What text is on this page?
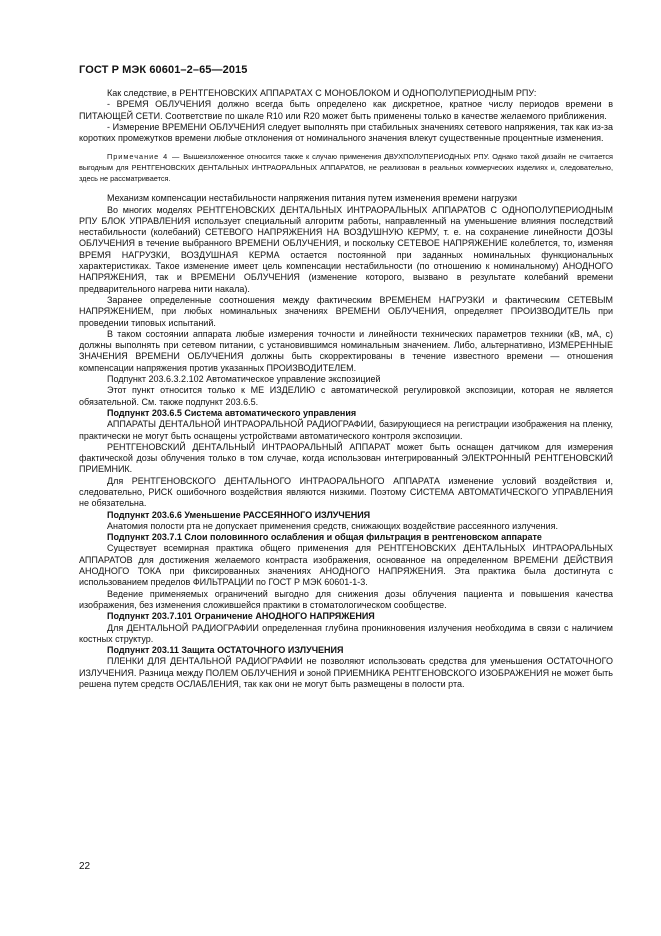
ГОСТ Р МЭК 60601–2–65—2015

Как следствие, в РЕНТГЕНОВСКИХ АППАРАТАХ С МОНОБЛОКОМ И ОДНОПОЛУПЕРИОДНЫМ РПУ:

- ВРЕМЯ ОБЛУЧЕНИЯ должно всегда быть определено как дискретное, кратное числу периодов времени в ПИТАЮЩЕЙ СЕТИ. Соответствие по шкале R10 или R20 может быть применены только в качестве желаемого приближения.

- Измерение ВРЕМЕНИ ОБЛУЧЕНИЯ следует выполнять при стабильных значениях сетевого напряжения, так как из-за коротких промежутков времени любые отклонения от номинального значения влекут существенные процентные изменения.

Примечание 4 — Вышеизложенное относится также к случаю применения ДВУХПОЛУПЕРИОДНЫХ РПУ. Однако такой дизайн не считается выгодным для РЕНТГЕНОВСКИХ ДЕНТАЛЬНЫХ ИНТРАОРАЛЬНЫХ АППАРАТОВ, не реализован в реальных коммерческих изделиях и, следовательно, здесь не рассматривается.

Механизм компенсации нестабильности напряжения питания путем изменения времени нагрузки

Во многих моделях РЕНТГЕНОВСКИХ ДЕНТАЛЬНЫХ ИНТРАОРАЛЬНЫХ АППАРАТОВ С ОДНОПОЛУПЕРИОДНЫМ РПУ БЛОК УПРАВЛЕНИЯ использует специальный алгоритм работы, направленный на уменьшение влияния последствий нестабильности (колебаний) СЕТЕВОГО НАПРЯЖЕНИЯ НА ВОЗДУШНУЮ КЕРМУ, т. е. на сохранение линейности ДОЗЫ ОБЛУЧЕНИЯ в течение выбранного ВРЕМЕНИ ОБЛУЧЕНИЯ, и поскольку СЕТЕВОЕ НАПРЯЖЕНИЕ колеблется, то, изменяя ВРЕМЯ НАГРУЗКИ, ВОЗДУШНАЯ КЕРМА остается постоянной при заданных номинальных функциональных характеристиках. Такое изменение имеет цель компенсации нестабильности (по отношению к номинальному) АНОДНОГО НАПРЯЖЕНИЯ, так и ВРЕМЕНИ ОБЛУЧЕНИЯ (изменение которого, вызвано в результате колебаний времени предварительного нагрева нити накала).

Заранее определенные соотношения между фактическим ВРЕМЕНЕМ НАГРУЗКИ и фактическим СЕТЕВЫМ НАПРЯЖЕНИЕМ, при любых номинальных значениях ВРЕМЕНИ ОБЛУЧЕНИЯ, определяет ПРОИЗВОДИТЕЛЬ при проведении типовых испытаний.

В таком состоянии аппарата любые измерения точности и линейности технических параметров техники (кВ, мА, с) должны выполнять при сетевом питании, с установившимся номинальным значением. Либо, альтернативно, ИЗМЕРЕННЫЕ ЗНАЧЕНИЯ ВРЕМЕНИ ОБЛУЧЕНИЯ должны быть скорректированы в течение известного времени — отношения компенсации напряжения против указанных ПРОИЗВОДИТЕЛЕМ.

Подпункт 203.6.3.2.102 Автоматическое управление экспозицией

Этот пункт относится только к МЕ ИЗДЕЛИЮ с автоматической регулировкой экспозиции, которая не является обязательной. См. также подпункт 203.6.5.

Подпункт 203.6.5 Система автоматического управления

АППАРАТЫ ДЕНТАЛЬНОЙ ИНТРАОРАЛЬНОЙ РАДИОГРАФИИ, базирующиеся на регистрации изображения на пленку, практически не могут быть оснащены устройствами автоматического контроля экспозиции.

РЕНТГЕНОВСКИЙ ДЕНТАЛЬНЫЙ ИНТРАОРАЛЬНЫЙ АППАРАТ может быть оснащен датчиком для измерения фактической дозы облучения только в том случае, когда использован интегрированный ЭЛЕКТРОННЫЙ РЕНТГЕНОВСКИЙ ПРИЕМНИК.

Для РЕНТГЕНОВСКОГО ДЕНТАЛЬНОГО ИНТРАОРАЛЬНОГО АППАРАТА изменение условий воздействия и, следовательно, РИСК ошибочного воздействия являются низкими. Поэтому СИСТЕМА АВТОМАТИЧЕСКОГО УПРАВЛЕНИЯ не обязательна.

Подпункт 203.6.6 Уменьшение РАССЕЯННОГО ИЗЛУЧЕНИЯ

Анатомия полости рта не допускает применения средств, снижающих воздействие рассеянного излучения.

Подпункт 203.7.1 Слои половинного ослабления и общая фильтрация в рентгеновском аппарате

Существует всемирная практика общего применения для РЕНТГЕНОВСКИХ ДЕНТАЛЬНЫХ ИНТРАОРАЛЬНЫХ АППАРАТОВ для достижения желаемого контраста изображения, основанное на определенном ВРЕМЕНИ ДЕЙСТВИЯ АНОДНОГО ТОКА при фиксированных значениях АНОДНОГО НАПРЯЖЕНИЯ. Эта практика была достигнута с использованием пределов ФИЛЬТРАЦИИ по ГОСТ Р МЭК 60601-1-3.

Ведение применяемых ограничений выгодно для снижения дозы облучения пациента и повышения качества изображения, без изменения сложившейся практики в стоматологическом сообществе.

Подпункт 203.7.101 Ограничение АНОДНОГО НАПРЯЖЕНИЯ

Для ДЕНТАЛЬНОЙ РАДИОГРАФИИ определенная глубина проникновения излучения необходима в связи с наличием костных структур.

Подпункт 203.11 Защита ОСТАТОЧНОГО ИЗЛУЧЕНИЯ

ПЛЕНКИ ДЛЯ ДЕНТАЛЬНОЙ РАДИОГРАФИИ не позволяют использовать средства для уменьшения ОСТАТОЧНОГО ИЗЛУЧЕНИЯ. Разница между ПОЛЕМ ОБЛУЧЕНИЯ и зоной ПРИЕМНИКА РЕНТГЕНОВСКОГО ИЗОБРАЖЕНИЯ не может быть решена путем средств ОСЛАБЛЕНИЯ, так как они не могут быть размещены в полости рта.

22
